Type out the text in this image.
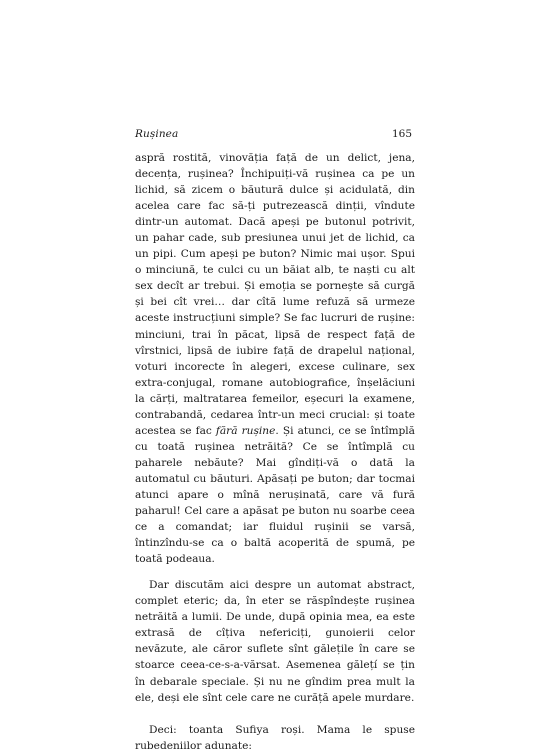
Rușinea	165

aspră rostită, vinovăția față de un delict, jena, decența, rușinea? Închipuiți-vă rușinea ca pe un lichid, să zicem o băutură dulce și acidulată, din acelea care fac să-ți putrezească dinții, vîndute dintr-un automat. Dacă apeși pe butonul potrivit, un pahar cade, sub presiunea unui jet de lichid, ca un pipi. Cum apeși pe buton? Nimic mai ușor. Spui o minciună, te culci cu un băiat alb, te naști cu alt sex decît ar trebui. Și emoția se pornește să curgă și bei cît vrei… dar cîtă lume refuză să urmeze aceste instrucțiuni simple? Se fac lucruri de rușine: minciuni, trai în păcat, lipsă de respect față de vîrstnici, lipsă de iubire față de drapelul național, voturi incorecte în alegeri, excese culinare, sex extra-conjugal, romane autobiografice, înșelăciuni la cărți, maltratarea femeilor, eșecuri la examene, contrabandă, cedarea într-un meci crucial: și toate acestea se fac fără rușine. Și atunci, ce se întîmplă cu toată rușinea netrăită? Ce se întîmplă cu paharele nebăute? Mai gîndiți-vă o dată la automatul cu băuturi. Apăsați pe buton; dar tocmai atunci apare o mînă nerușinată, care vă fură paharul! Cel care a apăsat pe buton nu soarbe ceea ce a comandat; iar fluidul rușinii se varsă, întinzîndu-se ca o baltă acoperită de spumă, pe toată podeaua.

Dar discutăm aici despre un automat abstract, complet eteric; da, în eter se răspîndește rușinea netrăită a lumii. De unde, după opinia mea, ea este extrasă de cîțiva nefericiți, gunoierii celor nevăzute, ale căror suflete sînt gălețile în care se stoarce ceea-ce-s-a-vărsat. Asemenea gălețí se țin în debarale speciale. Și nu ne gîndim prea mult la ele, deși ele sînt cele care ne curăță apele murdare.

Deci: toanta Sufiya roși. Mama le spuse rubedeniilor adunate:
